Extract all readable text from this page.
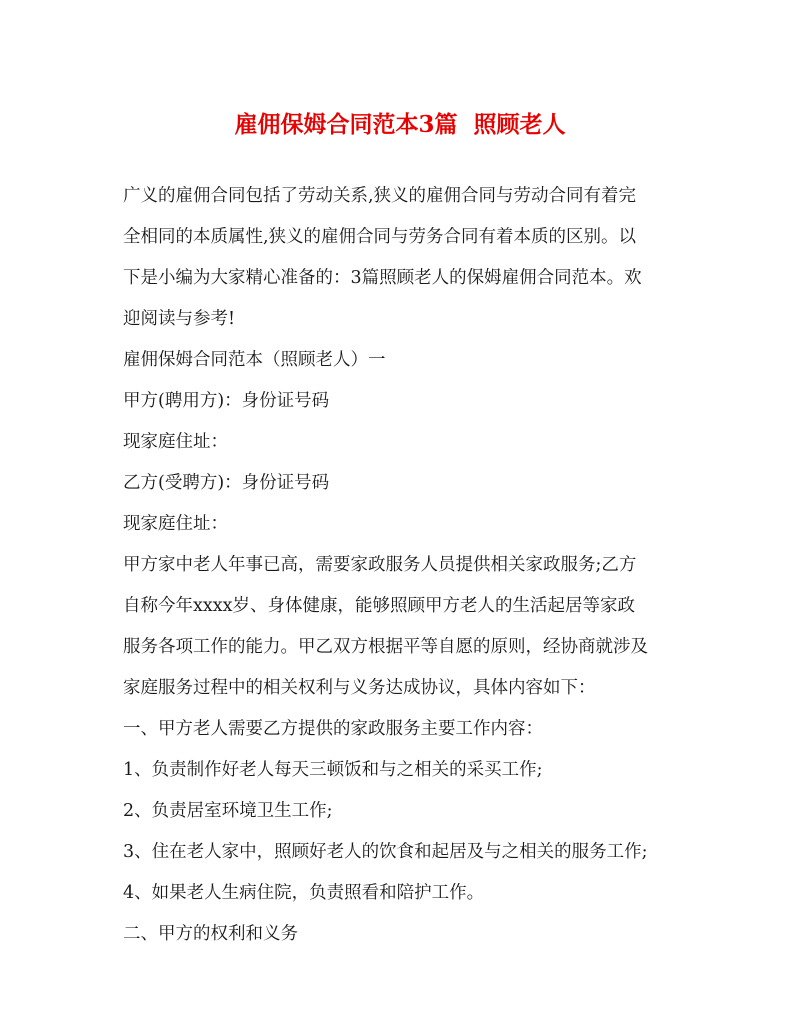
雇佣保姆合同范本3篇  照顾老人

广义的雇佣合同包括了劳动关系,狭义的雇佣合同与劳动合同有着完
全相同的本质属性,狭义的雇佣合同与劳务合同有着本质的区别。以
下是小编为大家精心准备的：3篇照顾老人的保姆雇佣合同范本。欢
迎阅读与参考!

雇佣保姆合同范本（照顾老人）一

甲方(聘用方)：身份证号码

现家庭住址：

乙方(受聘方)：身份证号码

现家庭住址：

甲方家中老人年事已高，需要家政服务人员提供相关家政服务;乙方
自称今年xxxx岁、身体健康，能够照顾甲方老人的生活起居等家政
服务各项工作的能力。甲乙双方根据平等自愿的原则，经协商就涉及
家庭服务过程中的相关权利与义务达成协议，具体内容如下：

一、甲方老人需要乙方提供的家政服务主要工作内容：

1、负责制作好老人每天三顿饭和与之相关的采买工作;

2、负责居室环境卫生工作;

3、住在老人家中，照顾好老人的饮食和起居及与之相关的服务工作;

4、如果老人生病住院，负责照看和陪护工作。

二、甲方的权利和义务
